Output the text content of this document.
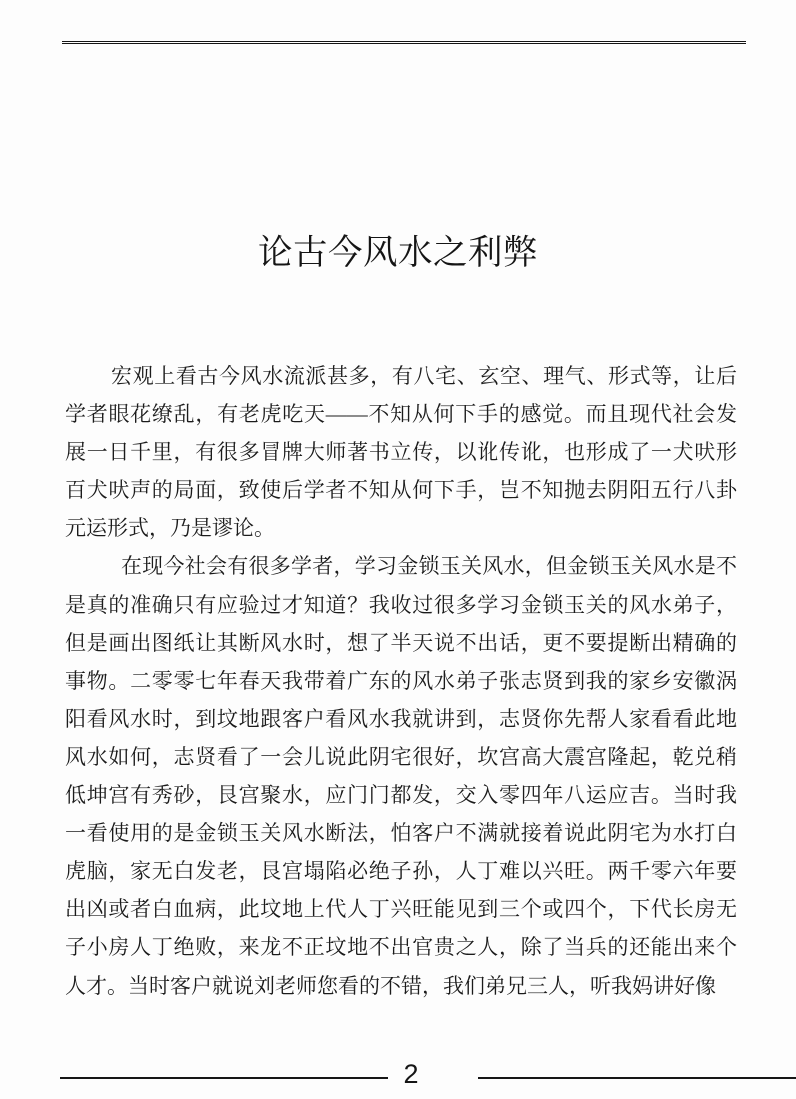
论古今风水之利弊
宏观上看古今风水流派甚多，有八宅、玄空、理气、形式等，让后
学者眼花缭乱，有老虎吃天——不知从何下手的感觉。而且现代社会发
展一日千里，有很多冒牌大师著书立传，以讹传讹，也形成了一犬吠形
百犬吠声的局面，致使后学者不知从何下手，岂不知抛去阴阳五行八卦
元运形式，乃是谬论。
在现今社会有很多学者，学习金锁玉关风水，但金锁玉关风水是不
是真的准确只有应验过才知道？我收过很多学习金锁玉关的风水弟子，
但是画出图纸让其断风水时，想了半天说不出话，更不要提断出精确的
事物。二零零七年春天我带着广东的风水弟子张志贤到我的家乡安徽涡
阳看风水时，到坟地跟客户看风水我就讲到，志贤你先帮人家看看此地
风水如何，志贤看了一会儿说此阴宅很好，坎宫高大震宫隆起，乾兑稍
低坤宫有秀砂，艮宫聚水，应门门都发，交入零四年八运应吉。当时我
一看使用的是金锁玉关风水断法，怕客户不满就接着说此阴宅为水打白
虎脑，家无白发老，艮宫塌陷必绝子孙，人丁难以兴旺。两千零六年要
出凶或者白血病，此坟地上代人丁兴旺能见到三个或四个，下代长房无
子小房人丁绝败，来龙不正坟地不出官贵之人，除了当兵的还能出来个
人才。当时客户就说刘老师您看的不错，我们弟兄三人，听我妈讲好像
2
